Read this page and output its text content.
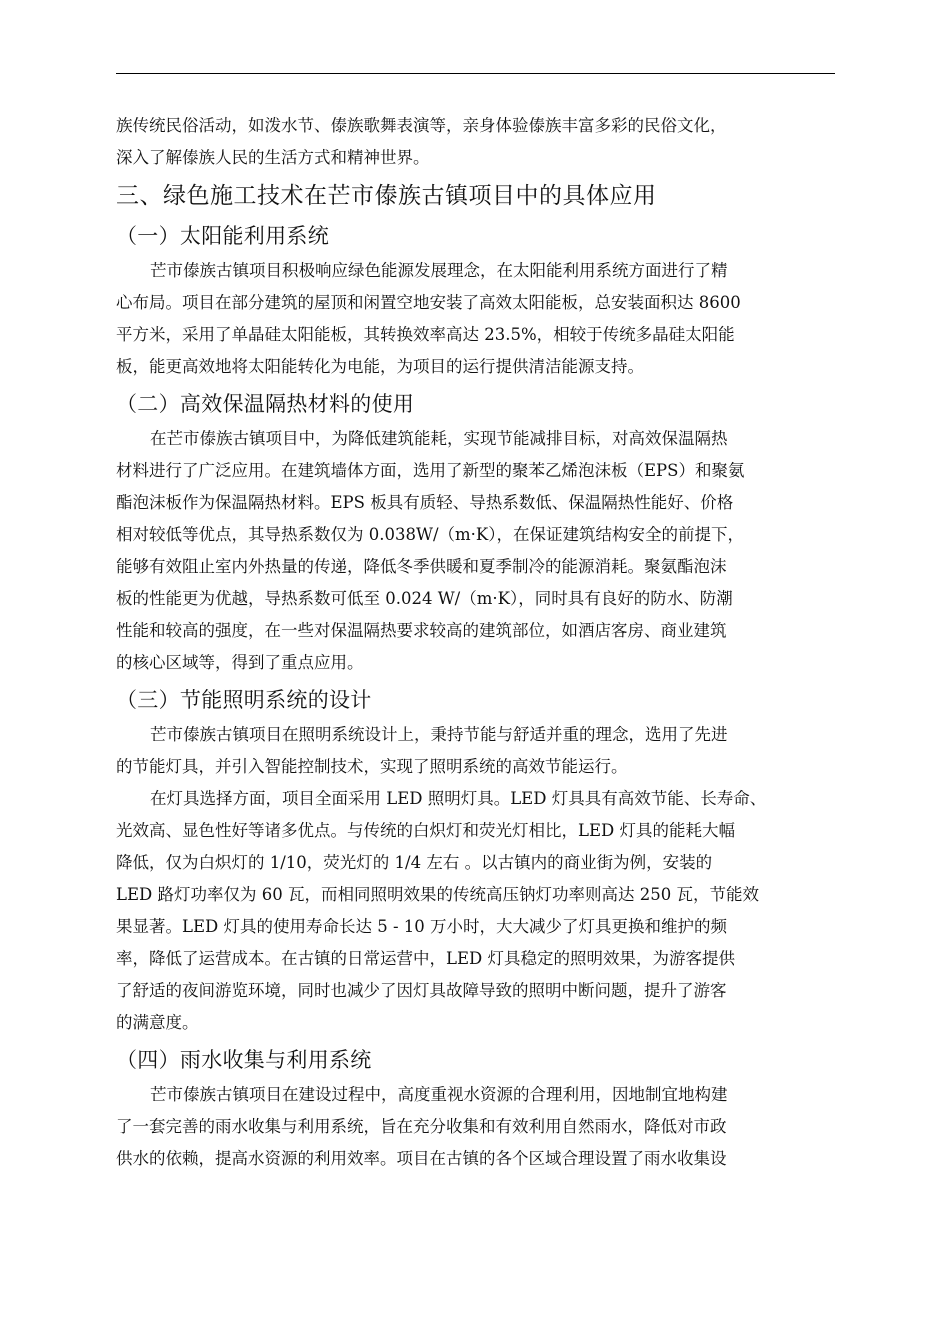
族传统民俗活动，如泼水节、傣族歌舞表演等，亲身体验傣族丰富多彩的民俗文化，
深入了解傣族人民的生活方式和精神世界。
三、绿色施工技术在芒市傣族古镇项目中的具体应用
（一）太阳能利用系统
芒市傣族古镇项目积极响应绿色能源发展理念，在太阳能利用系统方面进行了精
心布局。项目在部分建筑的屋顶和闲置空地安装了高效太阳能板，总安装面积达 8600
平方米，采用了单晶硅太阳能板，其转换效率高达 23.5%，相较于传统多晶硅太阳能
板，能更高效地将太阳能转化为电能，为项目的运行提供清洁能源支持。
（二）高效保温隔热材料的使用
在芒市傣族古镇项目中，为降低建筑能耗，实现节能减排目标，对高效保温隔热
材料进行了广泛应用。在建筑墙体方面，选用了新型的聚苯乙烯泡沫板（EPS）和聚氨
酯泡沫板作为保温隔热材料。EPS 板具有质轻、导热系数低、保温隔热性能好、价格
相对较低等优点，其导热系数仅为 0.038W/（m·K），在保证建筑结构安全的前提下，
能够有效阻止室内外热量的传递，降低冬季供暖和夏季制冷的能源消耗。聚氨酯泡沫
板的性能更为优越，导热系数可低至 0.024 W/（m·K），同时具有良好的防水、防潮
性能和较高的强度，在一些对保温隔热要求较高的建筑部位，如酒店客房、商业建筑
的核心区域等，得到了重点应用。
（三）节能照明系统的设计
芒市傣族古镇项目在照明系统设计上，秉持节能与舒适并重的理念，选用了先进
的节能灯具，并引入智能控制技术，实现了照明系统的高效节能运行。
在灯具选择方面，项目全面采用 LED 照明灯具。LED 灯具具有高效节能、长寿命、
光效高、显色性好等诸多优点。与传统的白炽灯和荧光灯相比，LED 灯具的能耗大幅
降低，仅为白炽灯的 1/10，荧光灯的 1/4 左右 。以古镇内的商业街为例，安装的
LED 路灯功率仅为 60 瓦，而相同照明效果的传统高压钠灯功率则高达 250 瓦，节能效
果显著。LED 灯具的使用寿命长达 5 - 10 万小时，大大减少了灯具更换和维护的频
率，降低了运营成本。在古镇的日常运营中，LED 灯具稳定的照明效果，为游客提供
了舒适的夜间游览环境，同时也减少了因灯具故障导致的照明中断问题，提升了游客
的满意度。
（四）雨水收集与利用系统
芒市傣族古镇项目在建设过程中，高度重视水资源的合理利用，因地制宜地构建
了一套完善的雨水收集与利用系统，旨在充分收集和有效利用自然雨水，降低对市政
供水的依赖，提高水资源的利用效率。项目在古镇的各个区域合理设置了雨水收集设
